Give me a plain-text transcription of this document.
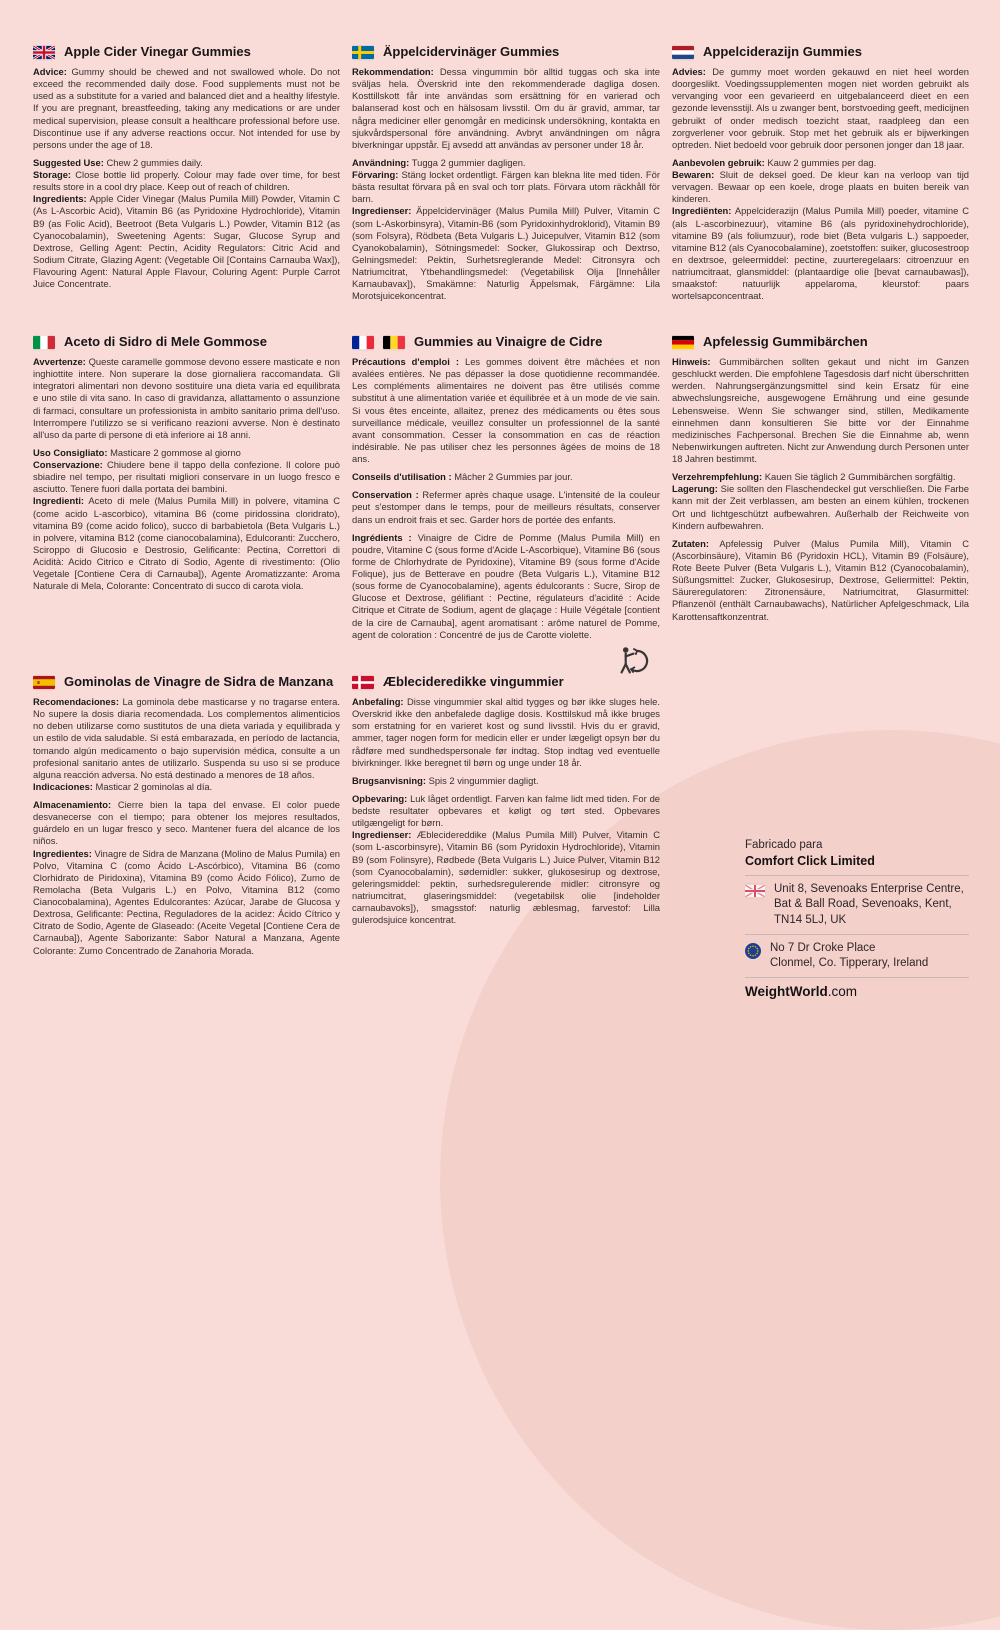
Apple Cider Vinegar Gummies

Advice: Gummy should be chewed and not swallowed whole. Do not exceed the recommended daily dose. Food supplements must not be used as a substitute for a varied and balanced diet and a healthy lifestyle. If you are pregnant, breastfeeding, taking any medications or are under medical supervision, please consult a healthcare professional before use. Discontinue use if any adverse reactions occur. Not intended for use by persons under the age of 18.

Suggested Use: Chew 2 gummies daily.

Storage: Close bottle lid properly. Colour may fade over time, for best results store in a cool dry place. Keep out of reach of children.

Ingredients: Apple Cider Vinegar (Malus Pumila Mill) Powder, Vitamin C (As L-Ascorbic Acid), Vitamin B6 (as Pyridoxine Hydrochloride), Vitamin B9 (as Folic Acid), Beetroot (Beta Vulgaris L.) Powder, Vitamin B12 (as Cyanocobalamin), Sweetening Agents: Sugar, Glucose Syrup and Dextrose, Gelling Agent: Pectin, Acidity Regulators: Citric Acid and Sodium Citrate, Glazing Agent: (Vegetable Oil [Contains Carnauba Wax]), Flavouring Agent: Natural Apple Flavour, Coluring Agent: Purple Carrot Juice Concentrate.

Äppelcidervinäger Gummies

Rekommendation: Dessa vingummin bör alltid tuggas och ska inte sväljas hela. Överskrid inte den rekommenderade dagliga dosen. Kosttillskott får inte användas som ersättning för en varierad och balanserad kost och en hälsosam livsstil. Om du är gravid, ammar, tar några mediciner eller genomgår en medicinsk undersökning, kontakta en sjukvårdspersonal före användning. Avbryt användningen om några biverkningar uppstår. Ej avsedd att användas av personer under 18 år.

Användning: Tugga 2 gummier dagligen.

Förvaring: Stäng locket ordentligt. Färgen kan blekna lite med tiden. För bästa resultat förvara på en sval och torr plats. Förvara utom räckhåll för barn.

Ingredienser: Äppelcidervinäger (Malus Pumila Mill) Pulver, Vitamin C (som L-Askorbinsyra), Vitamin-B6 (som Pyridoxinhydroklorid), Vitamin B9 (som Folsyra), Rödbeta (Beta Vulgaris L.) Juicepulver, Vitamin B12 (som Cyanokobalamin), Sötningsmedel: Socker, Glukossirap och Dextrso, Gelningsmedel: Pektin, Surhetsreglerande Medel: Citronsyra och Natriumcitrat, Ytbehandlingsmedel: (Vegetabilisk Olja [Innehåller Karnaubavax]), Smakämne: Naturlig Äppelsmak, Färgämne: Lila Morotsjuicekoncentrat.

Appelciderazijn Gummies

Advies: De gummy moet worden gekauwd en niet heel worden doorgeslikt. Voedingssupplementen mogen niet worden gebruikt als vervanging voor een gevarieerd en uitgebalanceerd dieet en een gezonde levensstijl. Als u zwanger bent, borstvoeding geeft, medicijnen gebruikt of onder medisch toezicht staat, raadpleeg dan een zorgverlener voor gebruik. Stop met het gebruik als er bijwerkingen optreden. Niet bedoeld voor gebruik door personen jonger dan 18 jaar.

Aanbevolen gebruik: Kauw 2 gummies per dag.

Bewaren: Sluit de deksel goed. De kleur kan na verloop van tijd vervagen. Bewaar op een koele, droge plaats en buiten bereik van kinderen.

Ingrediënten: Appelciderazijn (Malus Pumila Mill) poeder, vitamine C (als L-ascorbinezuur), vitamine B6 (als pyridoxinehydrochloride), vitamine B9 (als foliumzuur), rode biet (Beta vulgaris L.) sappoeder, vitamine B12 (als Cyanocobalamine), zoetstoffen: suiker, glucosestroop en dextrsoe, geleermiddel: pectine, zuurteregelaars: citroenzuur en natriumcitraat, glansmiddel: (plantaardige olie [bevat carnaubawas]), smaakstof: natuurlijk appelaroma, kleurstof: paars wortelsapconcentraat.

Aceto di Sidro di Mele Gommose

Avvertenze: Queste caramelle gommose devono essere masticate e non inghiottite intere. Non superare la dose giornaliera raccomandata. Gli integratori alimentari non devono sostituire una dieta varia ed equilibrata e uno stile di vita sano. In caso di gravidanza, allattamento o assunzione di farmaci, consultare un professionista in ambito sanitario prima dell'uso. Interrompere l'utilizzo se si verificano reazioni avverse. Non è destinato all'uso da parte di persone di età inferiore ai 18 anni.

Uso Consigliato: Masticare 2 gommose al giorno

Conservazione: Chiudere bene il tappo della confezione. Il colore può sbiadire nel tempo, per risultati migliori conservare in un luogo fresco e asciutto. Tenere fuori dalla portata dei bambini.

Ingredienti: Aceto di mele (Malus Pumila Mill) in polvere, vitamina C (come acido L-ascorbico), vitamina B6 (come piridossina cloridrato), vitamina B9 (come acido folico), succo di barbabietola (Beta Vulgaris L.) in polvere, vitamina B12 (come cianocobalamina), Edulcoranti: Zucchero, Sciroppo di Glucosio e Destrosio, Gelificante: Pectina, Correttori di Acidità: Acido Citrico e Citrato di Sodio, Agente di rivestimento: (Olio Vegetale [Contiene Cera di Carnauba]), Agente Aromatizzante: Aroma Naturale di Mela, Colorante: Concentrato di succo di carota viola.

Gummies au Vinaigre de Cidre

Précautions d'emploi : Les gommes doivent être mâchées et non avalées entières. Ne pas dépasser la dose quotidienne recommandée. Les compléments alimentaires ne doivent pas être utilisés comme substitut à une alimentation variée et équilibrée et à un mode de vie sain. Si vous êtes enceinte, allaitez, prenez des médicaments ou êtes sous surveillance médicale, veuillez consulter un professionnel de la santé avant consommation. Cesser la consommation en cas de réaction indésirable. Ne pas utiliser chez les personnes âgées de moins de 18 ans.

Conseils d'utilisation : Mâcher 2 Gummies par jour.

Conservation : Refermer après chaque usage. L'intensité de la couleur peut s'estomper dans le temps, pour de meilleurs résultats, conserver dans un endroit frais et sec. Garder hors de portée des enfants.

Ingrédients : Vinaigre de Cidre de Pomme (Malus Pumila Mill) en poudre, Vitamine C (sous forme d'Acide L-Ascorbique), Vitamine B6 (sous forme de Chlorhydrate de Pyridoxine), Vitamine B9 (sous forme d'Acide Folique), jus de Betterave en poudre (Beta Vulgaris L.), Vitamine B12 (sous forme de Cyanocobalamine), agents édulcorants : Sucre, Sirop de Glucose et Dextrose, gélifiant : Pectine, régulateurs d'acidité : Acide Citrique et Citrate de Sodium, agent de glaçage : Huile Végétale [contient de la cire de Carnauba], agent aromatisant : arôme naturel de Pomme, agent de coloration : Concentré de jus de Carotte violette.

Apfelessig Gummibärchen

Hinweis: Gummibärchen sollten gekaut und nicht im Ganzen geschluckt werden. Die empfohlene Tagesdosis darf nicht überschritten werden. Nahrungsergänzungsmittel sind kein Ersatz für eine abwechslungsreiche, ausgewogene Ernährung und eine gesunde Lebensweise. Wenn Sie schwanger sind, stillen, Medikamente einnehmen dann konsultieren Sie bitte vor der Einnahme medizinisches Fachpersonal. Brechen Sie die Einnahme ab, wenn Nebenwirkungen auftreten. Nicht zur Anwendung durch Personen unter 18 Jahren bestimmt.

Verzehrempfehlung: Kauen Sie täglich 2 Gummibärchen sorgfältig.

Lagerung: Sie sollten den Flaschendeckel gut verschließen. Die Farbe kann mit der Zeit verblassen, am besten an einem kühlen, trockenen Ort und lichtgeschützt aufbewahren. Außerhalb der Reichweite von Kindern aufbewahren.

Zutaten: Apfelessig Pulver (Malus Pumila Mill), Vitamin C (Ascorbinsäure), Vitamin B6 (Pyridoxin HCL), Vitamin B9 (Folsäure), Rote Beete Pulver (Beta Vulgaris L.), Vitamin B12 (Cyanocobalamin), Süßungsmittel: Zucker, Glukosesirup, Dextrose, Geliermittel: Pektin, Säureregulatoren: Zitronensäure, Natriumcitrat, Glasurmittel: Pflanzenöl (enthält Carnaubawachs), Natürlicher Apfelgeschmack, Lila Karottensaftkonzentrat.

Gominolas de Vinagre de Sidra de Manzana

Recomendaciones: La gominola debe masticarse y no tragarse entera. No supere la dosis diaria recomendada. Los complementos alimenticios no deben utilizarse como sustitutos de una dieta variada y equilibrada y un estilo de vida saludable. Si está embarazada, en período de lactancia, tomando algún medicamento o bajo supervisión médica, consulte a un profesional sanitario antes de utilizarlo. Suspenda su uso si se produce alguna reacción adversa. No está destinado a menores de 18 años.

Indicaciones: Masticar 2 gominolas al día.

Almacenamiento: Cierre bien la tapa del envase. El color puede desvanecerse con el tiempo; para obtener los mejores resultados, guárdelo en un lugar fresco y seco. Mantener fuera del alcance de los niños.

Ingredientes: Vinagre de Sidra de Manzana (Molino de Malus Pumila) en Polvo, Vitamina C (como Ácido L-Ascórbico), Vitamina B6 (como Clorhidrato de Piridoxina), Vitamina B9 (como Ácido Fólico), Zumo de Remolacha (Beta Vulgaris L.) en Polvo, Vitamina B12 (como Cianocobalamina), Agentes Edulcorantes: Azúcar, Jarabe de Glucosa y Dextrosa, Gelificante: Pectina, Reguladores de la acidez: Ácido Cítrico y Citrato de Sodio, Agente de Glaseado: (Aceite Vegetal [Contiene Cera de Carnauba]), Agente Saborizante: Sabor Natural a Manzana, Agente Colorante: Zumo Concentrado de Zanahoria Morada.

Æblecideredikke vingummier

Anbefaling: Disse vingummier skal altid tygges og bør ikke sluges hele. Overskrid ikke den anbefalede daglige dosis. Kosttilskud må ikke bruges som erstatning for en varieret kost og sund livsstil. Hvis du er gravid, ammer, tager nogen form for medicin eller er under lægeligt opsyn bør du rådføre med sundhedspersonale før indtag. Stop indtag ved eventuelle bivirkninger. Ikke beregnet til børn og unge under 18 år.

Brugsanvisning: Spis 2 vingummier dagligt.

Opbevaring: Luk låget ordentligt. Farven kan falme lidt med tiden. For de bedste resultater opbevares et køligt og tørt sted. Opbevares utilgængeligt for børn.

Ingredienser: Æblecidereddike (Malus Pumila Mill) Pulver, Vitamin C (som L-ascorbinsyre), Vitamin B6 (som Pyridoxin Hydrochloride), Vitamin B9 (som Folinsyre), Rødbede (Beta Vulgaris L.) Juice Pulver, Vitamin B12 (som Cyanocobalamin), sødemidler: sukker, glukosesirup og dextrose, geleringsmiddel: pektin, surhedsregulerende midler: citronsyre og natriumcitrat, glaseringsmiddel: (vegetabilsk olie [indeholder carnaubavoks]), smagsstof: naturlig æblesmag, farvestof: Lilla gulerodsjuice koncentrat.

Fabricado para
Comfort Click Limited
Unit 8, Sevenoaks Enterprise Centre,
Bat & Ball Road, Sevenoaks, Kent,
TN14 5LJ, UK
No 7 Dr Croke Place
Clonmel, Co. Tipperary, Ireland
WeightWorld.com
